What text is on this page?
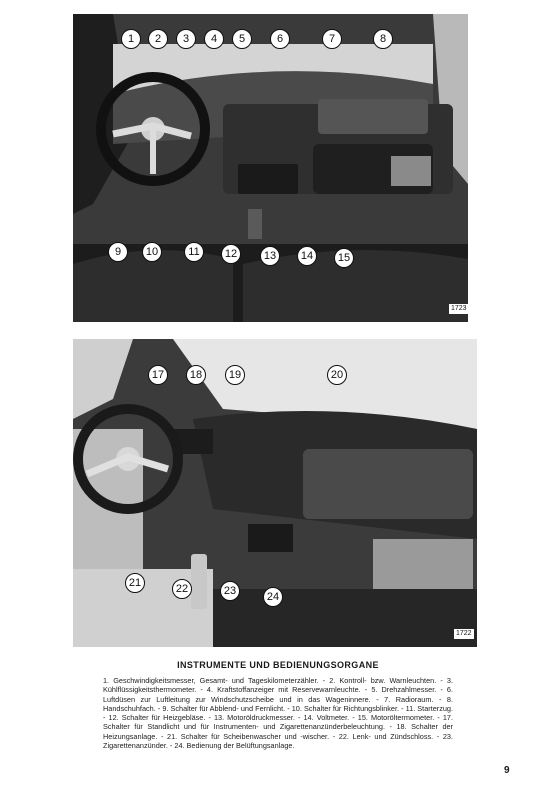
1	2	3	4	5	6	7	8
9	10	11	12	13	14	15
1723
17	18	19	20
21	22	23	24
1722
INSTRUMENTE UND BEDIENUNGSORGANE
1. Geschwindigkeitsmesser, Gesamt- und Tageskilometerzähler. - 2. Kontroll- bzw. Warnleuchten. - 3. Kühlflüssigkeitsthermometer. - 4. Kraftstoffanzeiger mit Reservewarnleuchte. - 5. Drehzahlmesser. - 6. Luftdüsen zur Luftleitung zur Windschutzscheibe und in das Wageninnere. - 7. Radioraum. - 8. Handschuhfach. - 9. Schalter für Abblend- und Fernlicht. - 10. Schalter für Richtungsblinker. - 11. Starterzug. - 12. Schalter für Heizgebläse. - 13. Motoröldruckmesser. - 14. Voltmeter. - 15. Motoröltermometer. - 17. Schalter für Standlicht und für Instrumenten- und Zigarettenanzünderbeleuchtung. - 18. Schalter der Heizungsanlage. - 21. Schalter für Scheibenwascher und -wischer. - 22. Lenk- und Zündschloss. - 23. Zigarettenanzünder. - 24. Bedienung der Belüftungsanlage.
9
